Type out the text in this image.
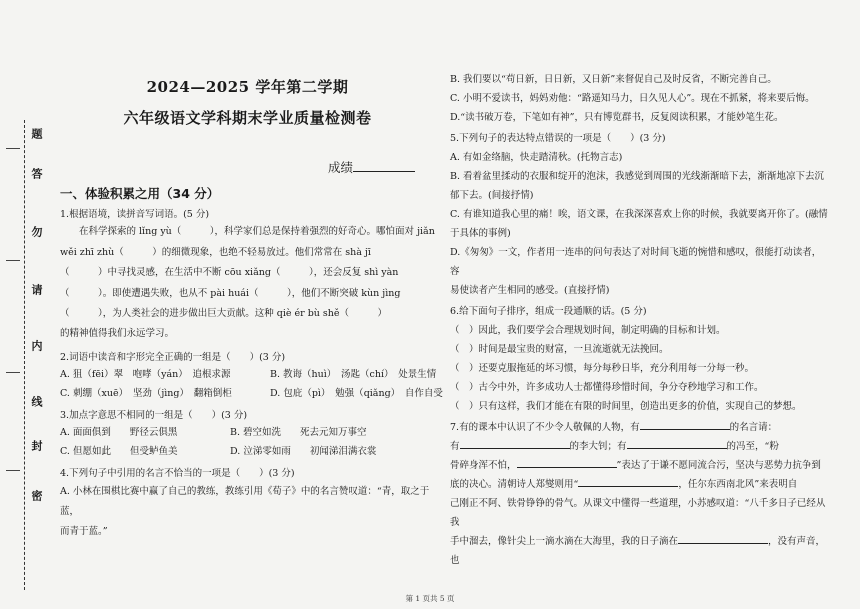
题
答
勿
请
内
线
封
密
2024—2025 学年第二学期
六年级语文学科期末学业质量检测卷
成绩
一、体验积累之用（34 分）
1.根据语境，读拼音写词语。(5 分)
在科学探索的 lǐng yù（　　　），科学家们总是保持着强烈的好奇心。哪怕面对 jiǎn
wěi zhī zhù（　　　）的细微现象，也绝不轻易放过。他们常常在 shà jī
（　　　）中寻找灵感，在生活中不断 cōu xiǎng（　　　），还会反复 shì yàn
（　　　）。即使遭遇失败，也从不 pài huái（　　　），他们不断突破 kùn jìng
（　　　），为人类社会的进步做出巨大贡献。这种 qiè ér bù shě（　　　）
的精神值得我们永远学习。
2.词语中读音和字形完全正确的一组是（　　）(3 分)
A. 狙（fēi）翠　咆哮（yán）　追根求源	B. 教诲（huì）　汤匙（chí）　处景生情
C. 刺绷（xuē）　坚劲（jìng）　翻箱倒柜	D. 包庇（pì）　勉强（qiǎng）　自作自受
3.加点字意思不相同的一组是（　　）(3 分)
A. 面面俱到　　野径云俱黑	B. 碧空如洗　　死去元知万事空
C. 但愿如此　　但受鲈鱼美	D. 泣涕零如雨　　初闻涕泪满衣裳
4.下列句子中引用的名言不恰当的一项是（　　）(3 分)
A. 小林在围棋比赛中赢了自己的教练，教练引用《荀子》中的名言赞叹道：“青，取之于蓝，
而青于蓝。”
B. 我们要以“苟日新，日日新，又日新”来督促自己及时反省，不断完善自己。
C. 小明不爱读书，妈妈劝他：“路遥知马力，日久见人心”。现在不抓紧，将来要后悔。
D.“读书破万卷，下笔如有神”，只有博览群书，反复阅读积累，才能妙笔生花。
5.下列句子的表达特点错误的一项是（　　）(3 分)
A. 有如金络脑，快走踏清秋。(托物言志)
B. 看着盆里揉动的衣服和绽开的泡沫，我感觉到周围的光线渐渐暗下去，渐渐地凉下去沉
郁下去。(间接抒情)
C. 有谁知道我心里的痛！唉，语文课，在我深深喜欢上你的时候，我就要离开你了。(融情
于具体的事例)
D.《匆匆》一文，作者用一连串的问句表达了对时间飞逝的惋惜和感叹，很能打动读者，容
易使读者产生相同的感受。(直接抒情)
6.给下面句子排序，组成一段通顺的话。(5 分)
（　）因此，我们要学会合理规划时间，制定明确的目标和计划。
（　）时间是最宝贵的财富，一旦流逝就无法挽回。
（　）还要克服拖延的坏习惯，每分每秒日毕，充分利用每一分每一秒。
（　）古今中外，许多成功人士都懂得珍惜时间，争分夺秒地学习和工作。
（　）只有这样，我们才能在有限的时间里，创造出更多的价值，实现自己的梦想。
7.有的课本中认识了不少令人敬佩的人物，有	的名言请：
有	的李大钊；有	的冯至，“粉
骨碎身浑不怕，	”表达了于谦不愿同流合污，坚决与恶势力抗争到
底的决心。清朝诗人郑燮则用“	，任尔东西南北风”来表明自
己刚正不阿、铁骨铮铮的骨气。从课文中懂得一些道理，小苏感叹道：“八千多日子已经从我
手中溜去，像针尖上一滴水滴在大海里，我的日子滴在	，没有声音，也
第 1 页共 5 页
